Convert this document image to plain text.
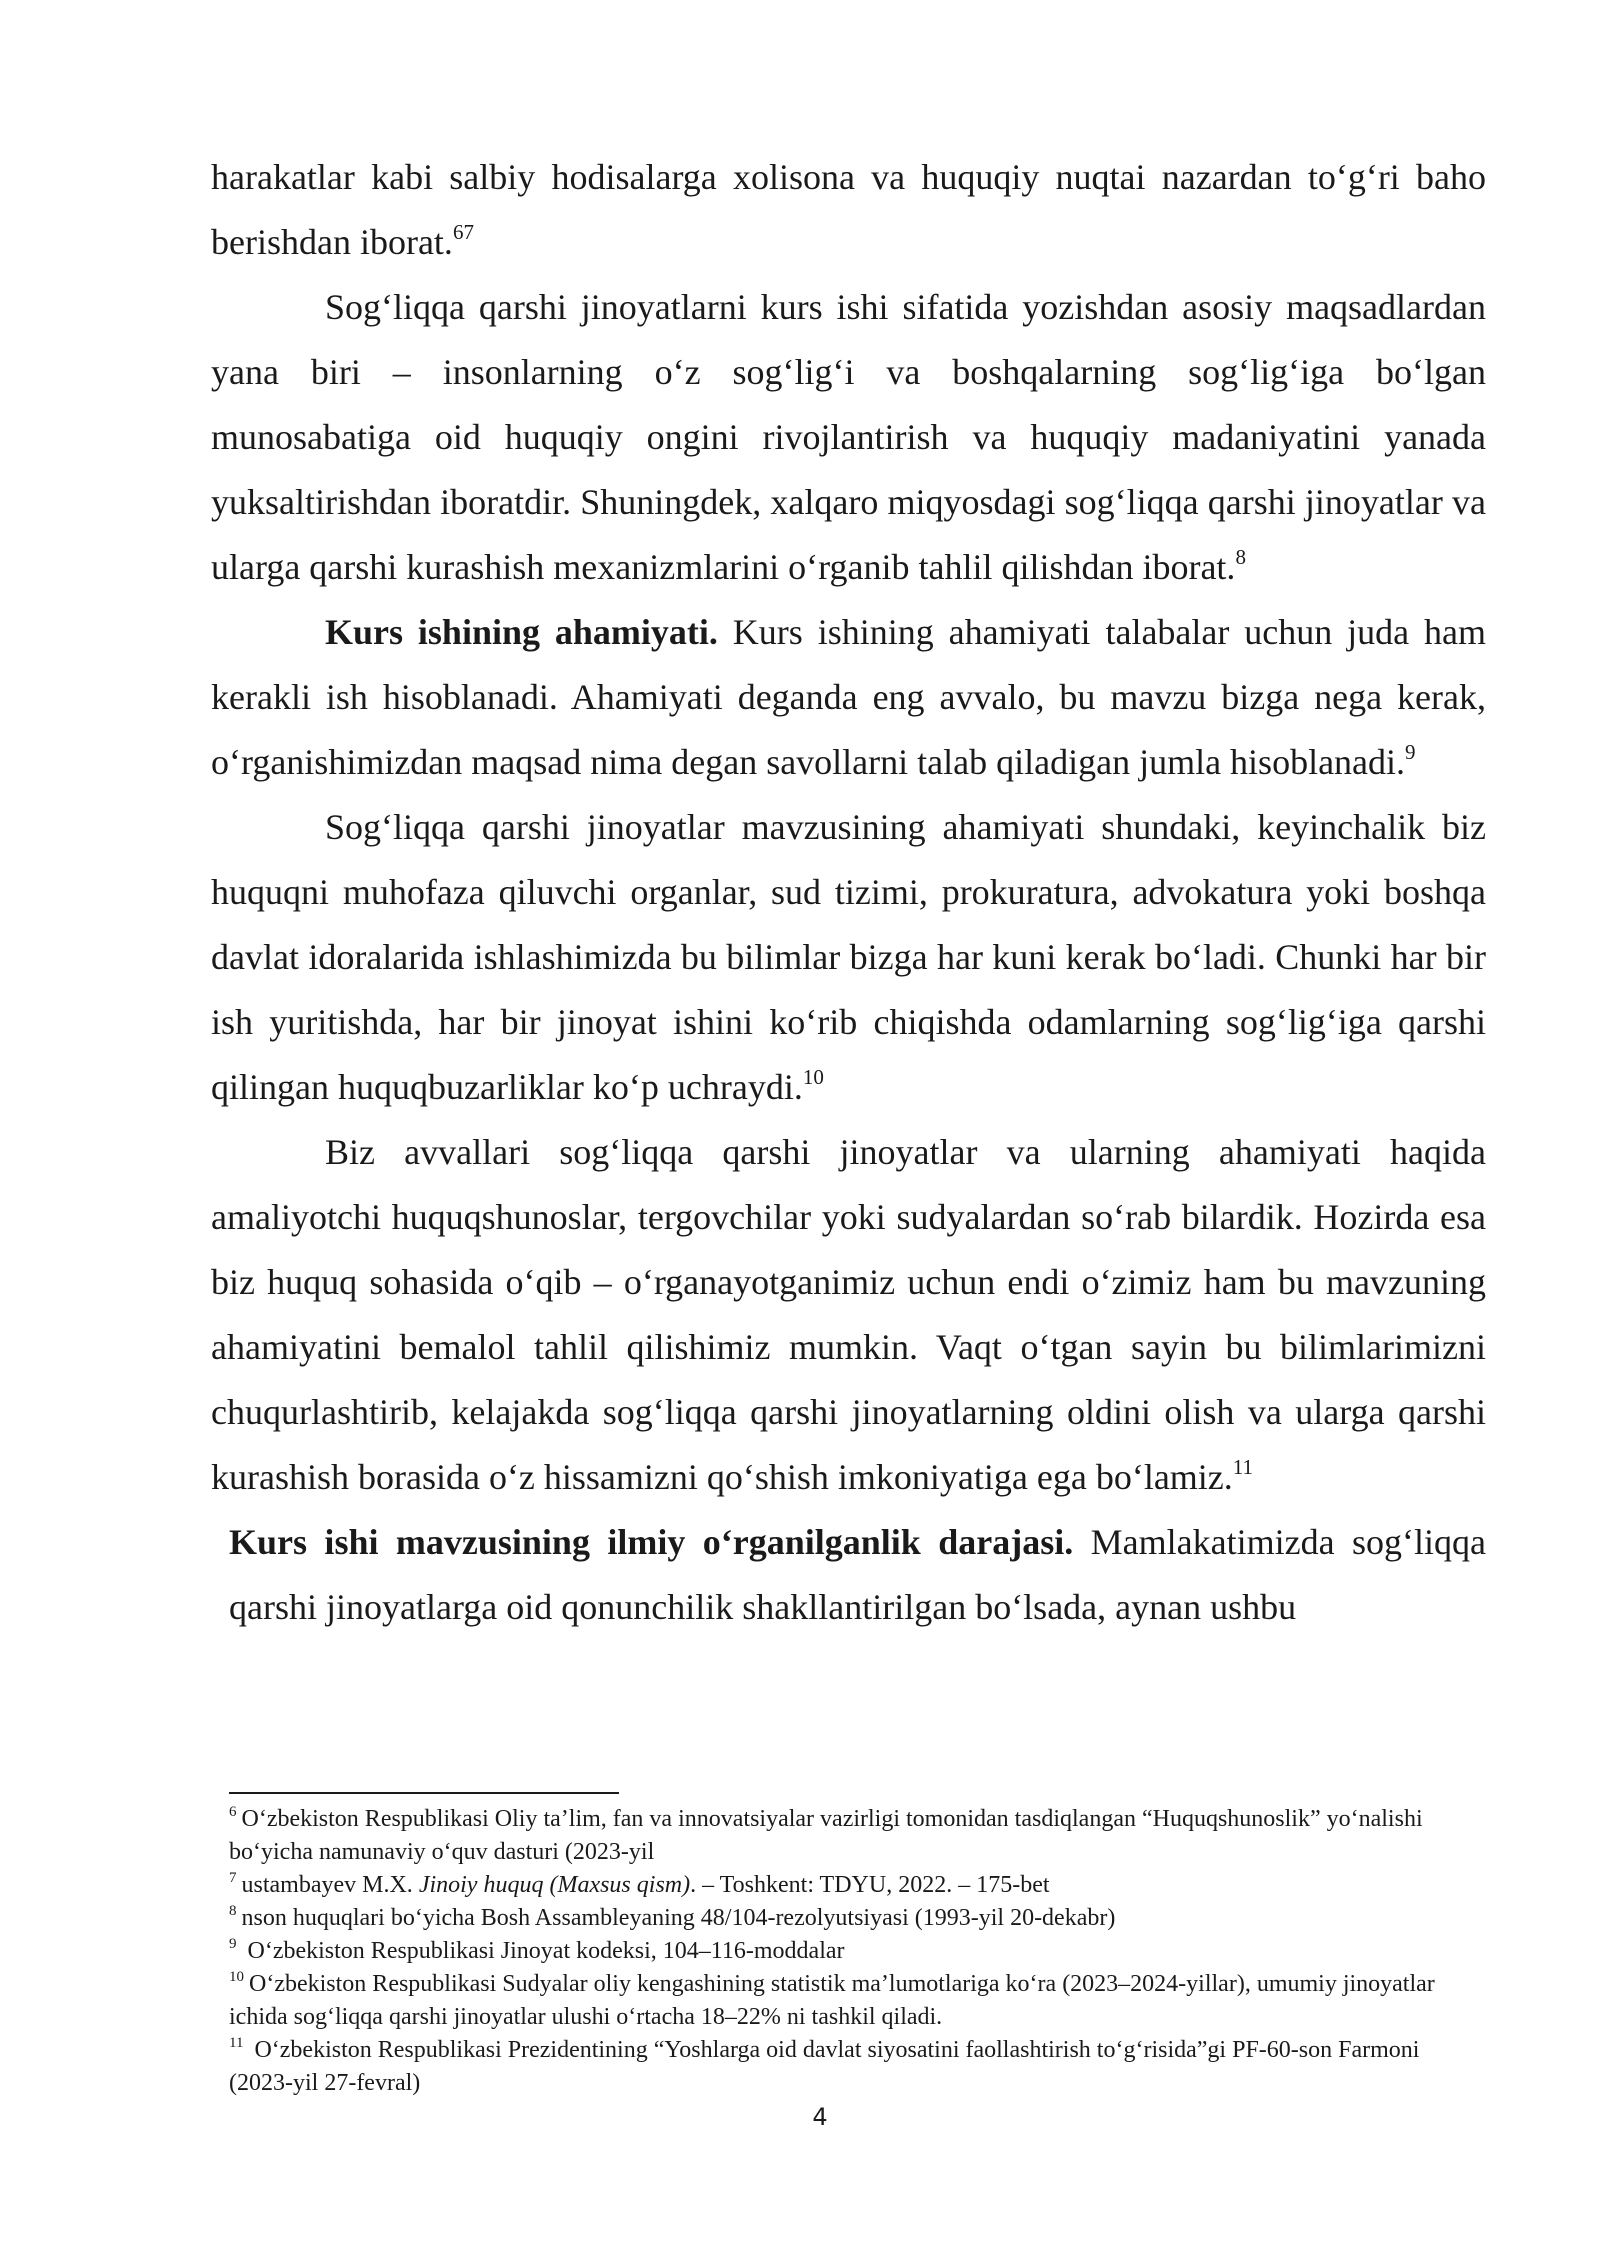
harakatlar kabi salbiy hodisalarga xolisona va huquqiy nuqtai nazardan to‘g‘ri baho berishdan iborat.$^{67}$

Sog‘liqqa qarshi jinoyatlarni kurs ishi sifatida yozishdan asosiy maqsadlardan yana biri – insonlarning o‘z sog‘lig‘i va boshqalarning sog‘lig‘iga bo‘lgan munosabatiga oid huquqiy ongini rivojlantirish va huquqiy madaniyatini yanada yuksaltirishdan iboratdir. Shuningdek, xalqaro miqyosdagi sog‘liqqa qarshi jinoyatlar va ularga qarshi kurashish mexanizmlarini o‘rganib tahlil qilishdan iborat.$^8$

Kurs ishining ahamiyati. Kurs ishining ahamiyati talabalar uchun juda ham kerakli ish hisoblanadi. Ahamiyati deganda eng avvalo, bu mavzu bizga nega kerak, o‘rganishimizdan maqsad nima degan savollarni talab qiladigan jumla hisoblanadi.$^9$

Sog‘liqqa qarshi jinoyatlar mavzusining ahamiyati shundaki, keyinchalik biz huquqni muhofaza qiluvchi organlar, sud tizimi, prokuratura, advokatura yoki boshqa davlat idoralarida ishlashimizda bu bilimlar bizga har kuni kerak bo‘ladi. Chunki har bir ish yuritishda, har bir jinoyat ishini ko‘rib chiqishda odamlarning sog‘lig‘iga qarshi qilingan huquqbuzarliklar ko‘p uchraydi.$^{10}$

Biz avvallari sog‘liqqa qarshi jinoyatlar va ularning ahamiyati haqida amaliyotchi huquqshunoslar, tergovchilar yoki sudyalardan so‘rab bilardik. Hozirda esa biz huquq sohasida o‘qib – o‘rganayotganimiz uchun endi o‘zimiz ham bu mavzuning ahamiyatini bemalol tahlil qilishimiz mumkin. Vaqt o‘tgan sayin bu bilimlarimizni chuqurlashtirib, kelajakda sog‘liqqa qarshi jinoyatlarning oldini olish va ularga qarshi kurashish borasida o‘z hissamizni qo‘shish imkoniyatiga ega bo‘lamiz.$^{11}$

Kurs ishi mavzusining ilmiy o‘rganilganlik darajasi. Mamlakatimizda sog‘liqqa qarshi jinoyatlarga oid qonunchilik shakllantirilgan bo‘lsada, aynan ushbu

$^6$ O‘zbekiston Respublikasi Oliy ta’lim, fan va innovatsiyalar vazirligi tomonidan tasdiqlangan “Huquqshunoslik” yo‘nalishi bo‘yicha namunaviy o‘quv dasturi (2023-yil

$^7$ ustambayev M.X. Jinoiy huquq (Maxsus qism). – Toshkent: TDYU, 2022. – 175-bet

$^8$ nson huquqlari bo‘yicha Bosh Assambleyaning 48/104-rezolyutsiyasi (1993-yil 20-dekabr)

$^9$ O‘zbekiston Respublikasi Jinoyat kodeksi, 104–116-moddalar

$^{10}$ O‘zbekiston Respublikasi Sudyalar oliy kengashining statistik ma’lumotlariga ko‘ra (2023–2024-yillar), umumiy jinoyatlar ichida sog‘liqqa qarshi jinoyatlar ulushi o‘rtacha 18–22% ni tashkil qiladi.

$^{11}$ O‘zbekiston Respublikasi Prezidentining “Yoshlarga oid davlat siyosatini faollashtirish to‘g‘risida”gi PF-60-son Farmoni (2023-yil 27-fevral)

4
